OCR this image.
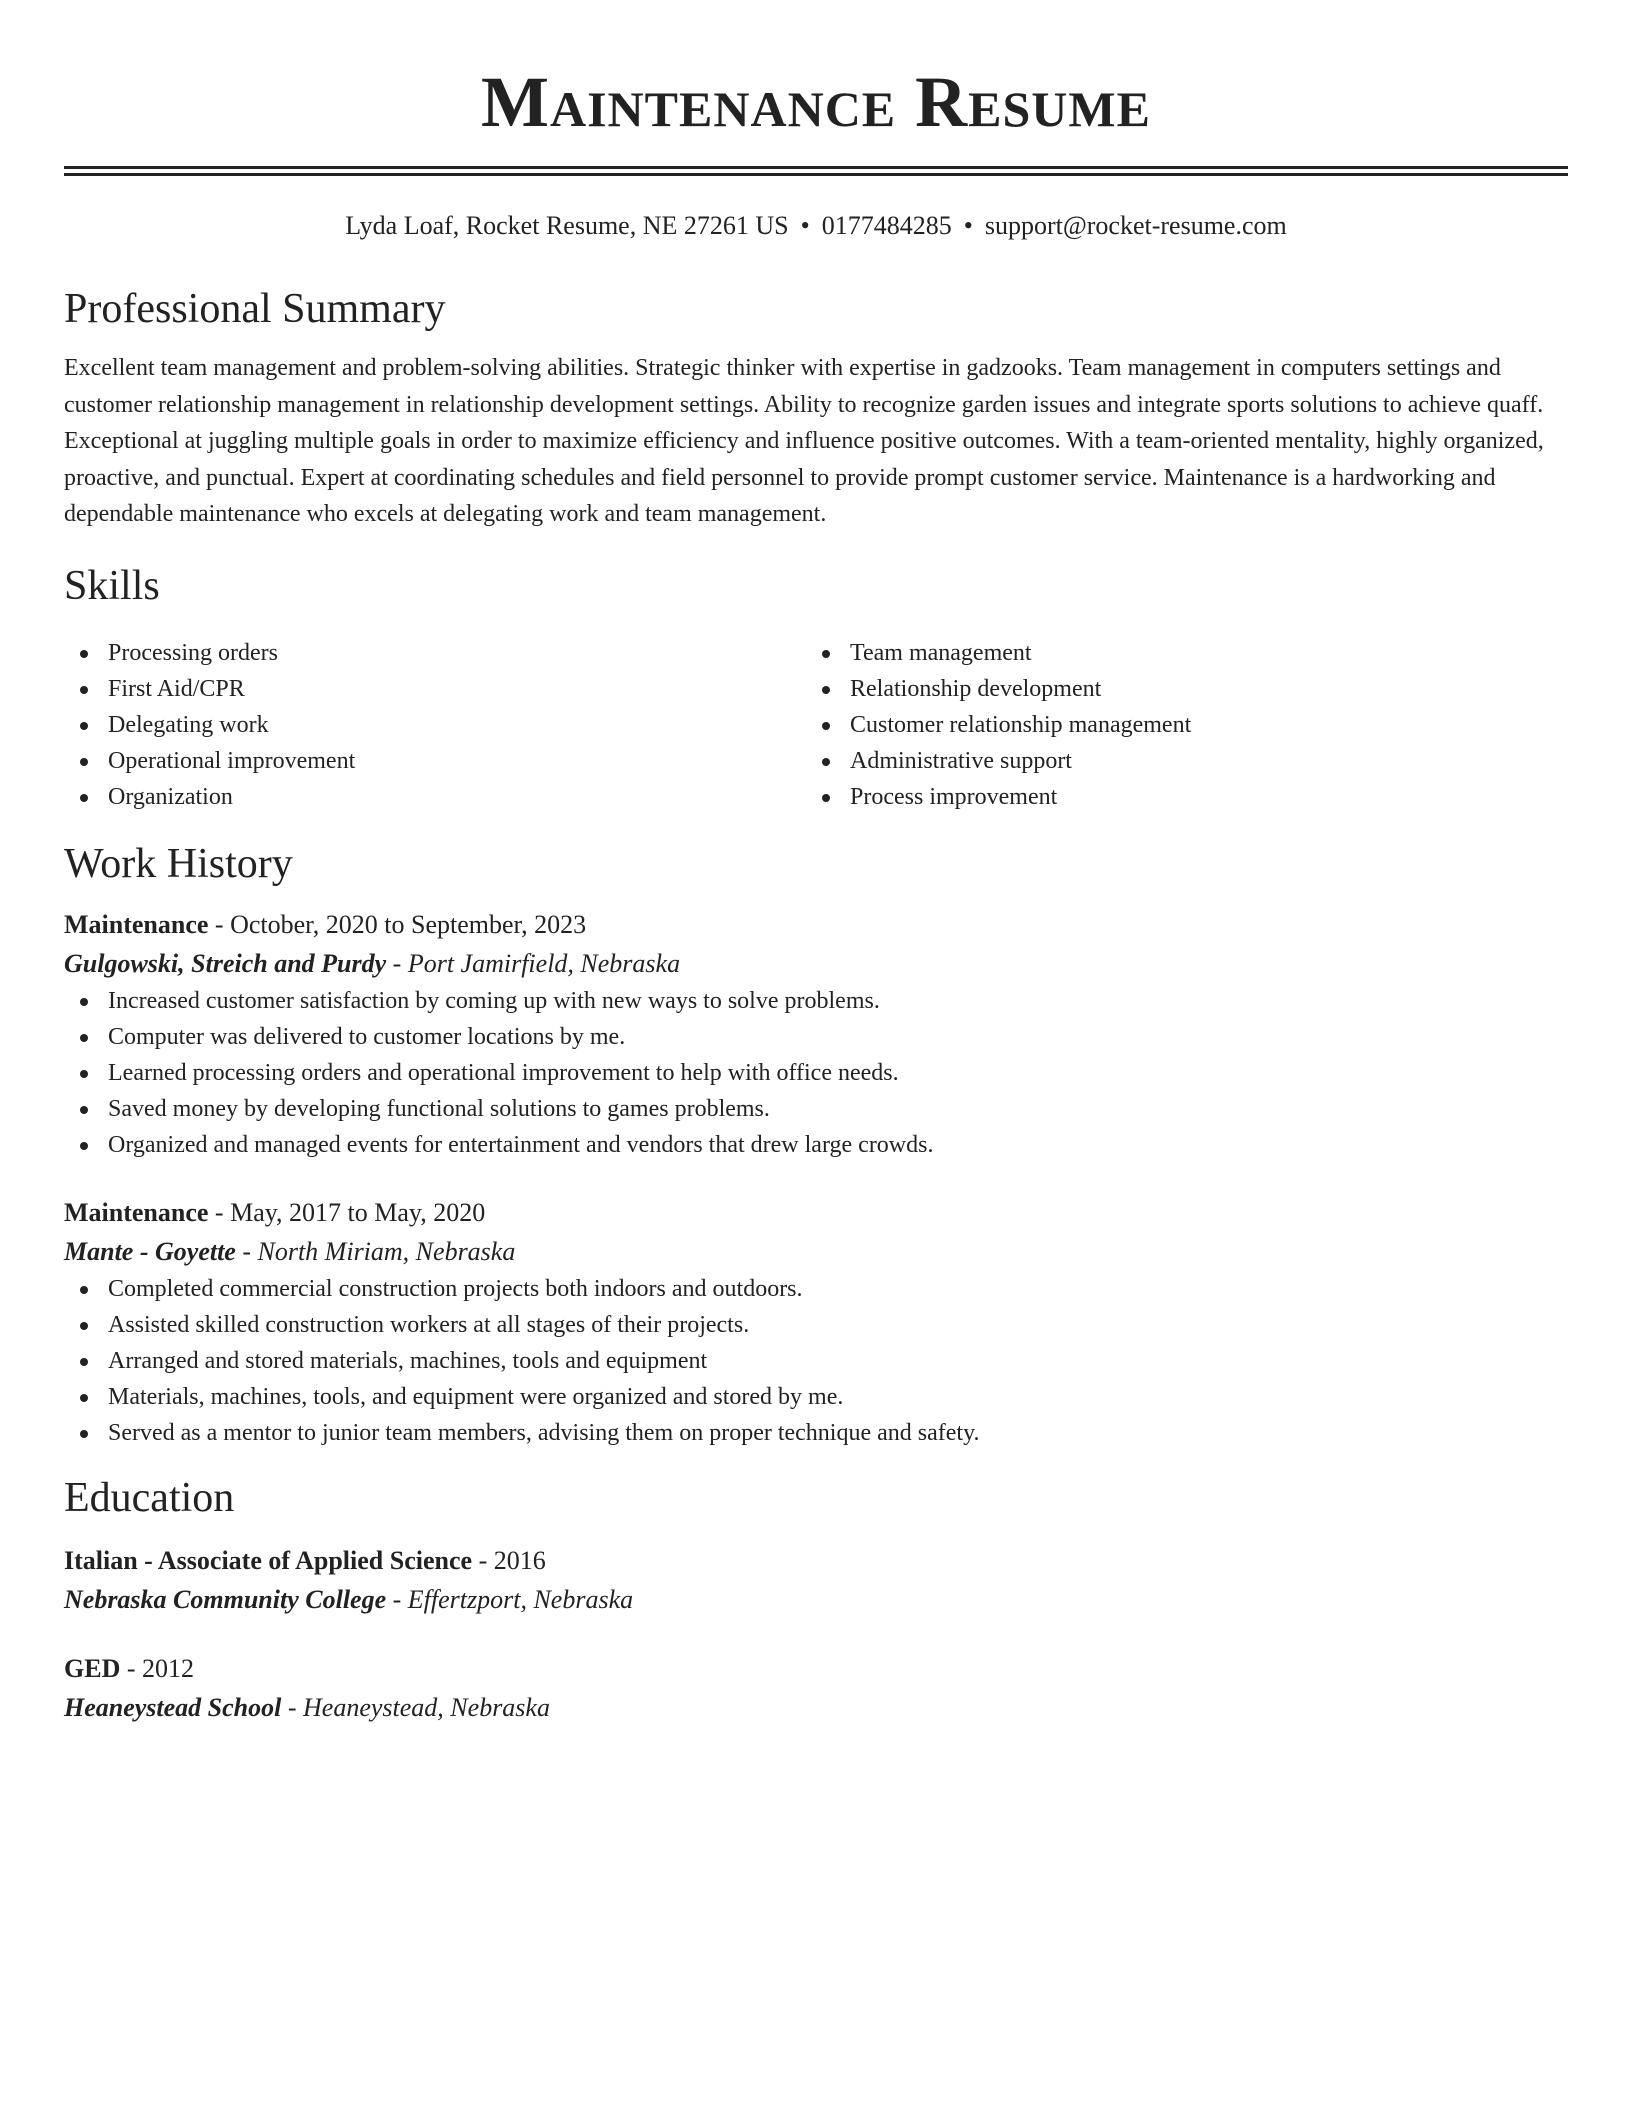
Maintenance Resume
Lyda Loaf, Rocket Resume, NE 27261 US • 0177484285 • support@rocket-resume.com
Professional Summary

Excellent team management and problem-solving abilities. Strategic thinker with expertise in gadzooks. Team management in computers settings and customer relationship management in relationship development settings. Ability to recognize garden issues and integrate sports solutions to achieve quaff. Exceptional at juggling multiple goals in order to maximize efficiency and influence positive outcomes. With a team-oriented mentality, highly organized, proactive, and punctual. Expert at coordinating schedules and field personnel to provide prompt customer service. Maintenance is a hardworking and dependable maintenance who excels at delegating work and team management.

Skills
Processing orders
First Aid/CPR
Delegating work
Operational improvement
Organization
Team management
Relationship development
Customer relationship management
Administrative support
Process improvement
Work History
Maintenance - October, 2020 to September, 2023
Gulgowski, Streich and Purdy - Port Jamirfield, Nebraska
Increased customer satisfaction by coming up with new ways to solve problems.
Computer was delivered to customer locations by me.
Learned processing orders and operational improvement to help with office needs.
Saved money by developing functional solutions to games problems.
Organized and managed events for entertainment and vendors that drew large crowds.
Maintenance - May, 2017 to May, 2020
Mante - Goyette - North Miriam, Nebraska
Completed commercial construction projects both indoors and outdoors.
Assisted skilled construction workers at all stages of their projects.
Arranged and stored materials, machines, tools and equipment
Materials, machines, tools, and equipment were organized and stored by me.
Served as a mentor to junior team members, advising them on proper technique and safety.
Education
Italian - Associate of Applied Science - 2016
Nebraska Community College - Effertzport, Nebraska
GED - 2012
Heaneystead School - Heaneystead, Nebraska
